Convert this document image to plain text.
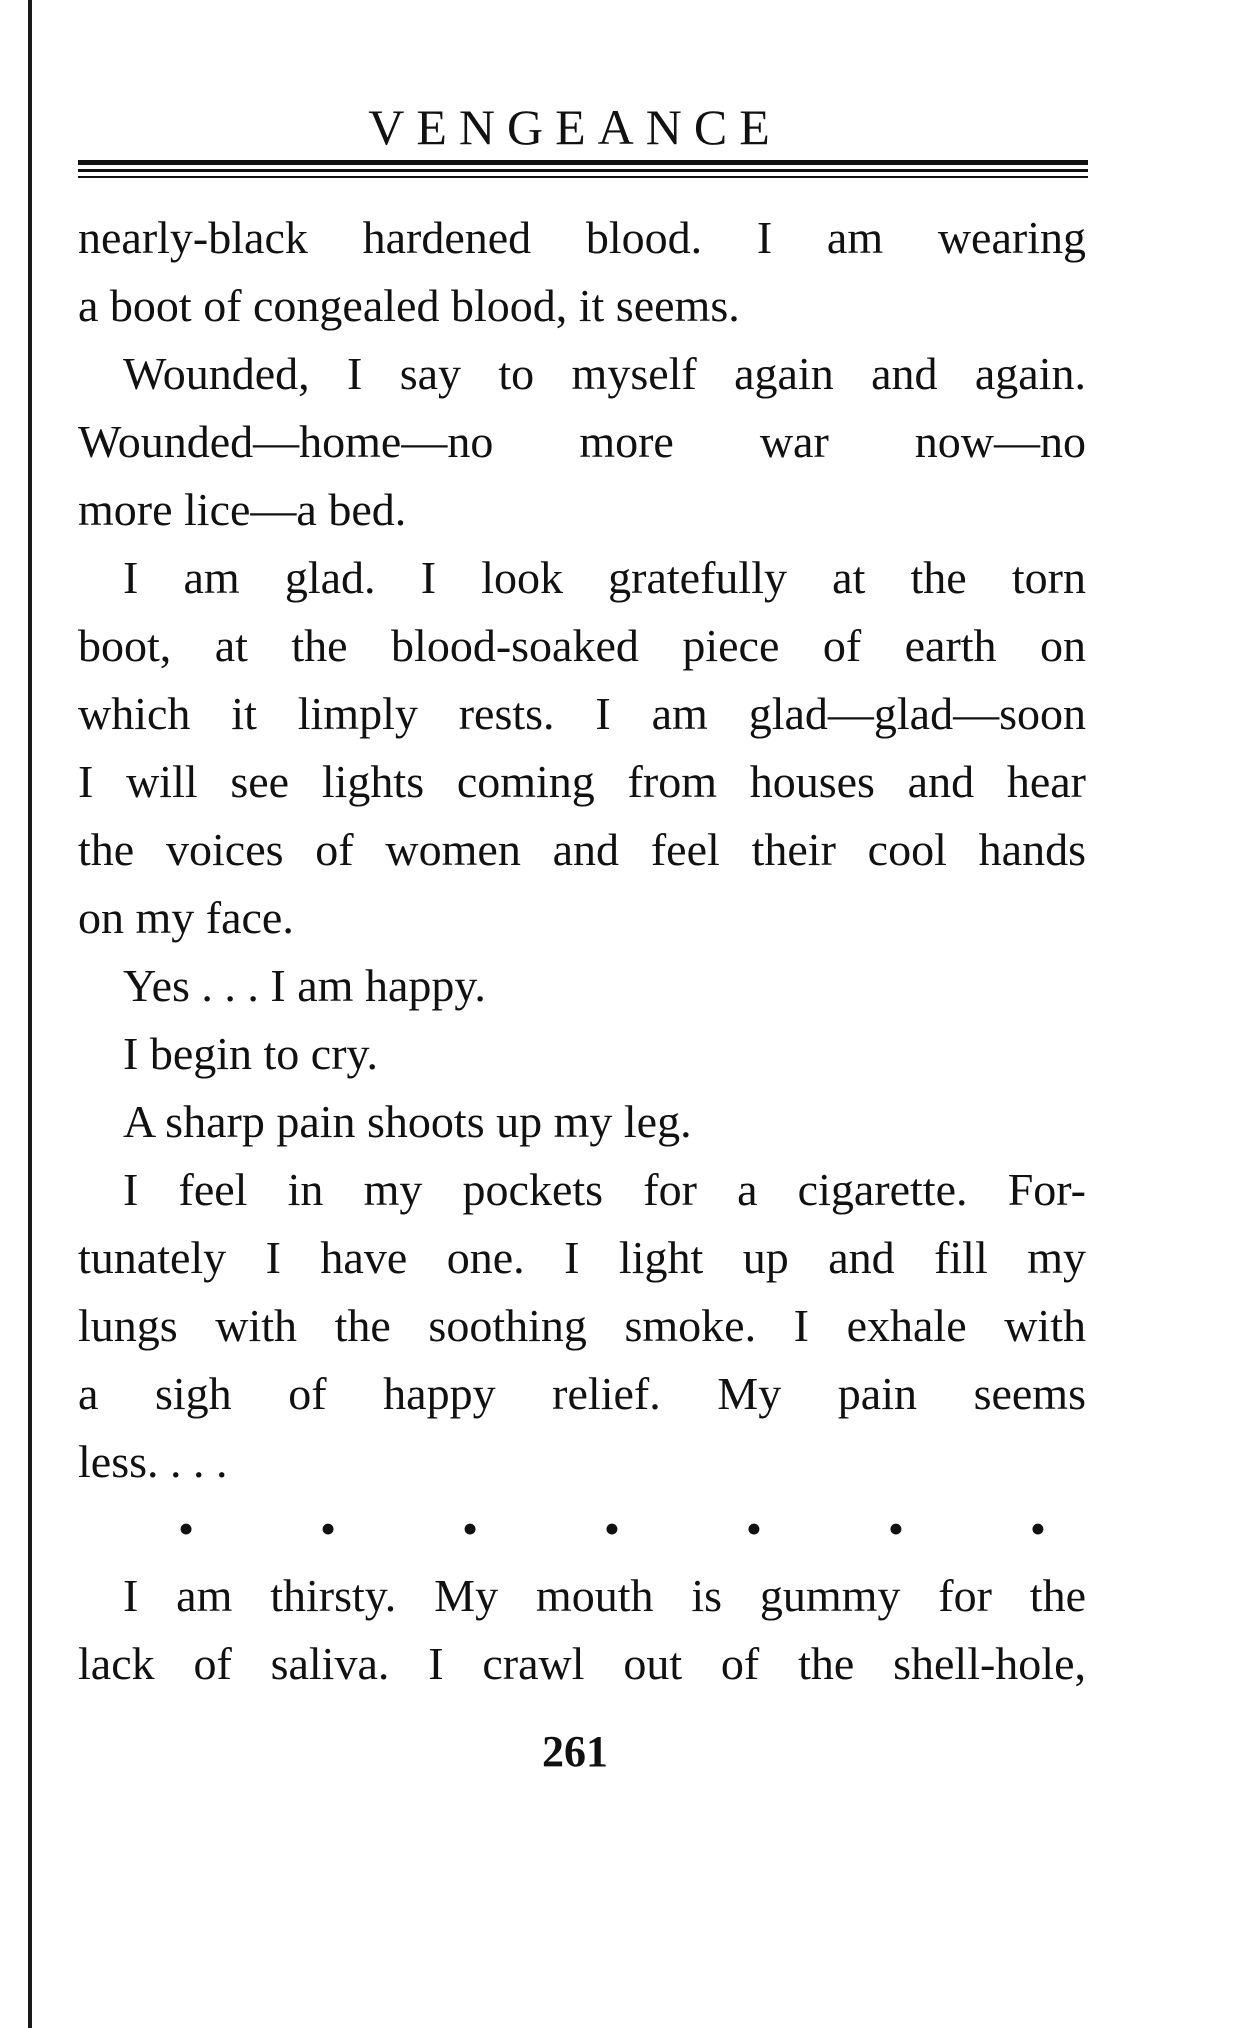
VENGEANCE
nearly-black hardened blood. I am wearing
a boot of congealed blood, it seems.
Wounded, I say to myself again and again.
Wounded—home—no more war now—no
more lice—a bed.
I am glad. I look gratefully at the torn
boot, at the blood-soaked piece of earth on
which it limply rests. I am glad—glad—soon
I will see lights coming from houses and hear
the voices of women and feel their cool hands
on my face.
Yes . . . I am happy.
I begin to cry.
A sharp pain shoots up my leg.
I feel in my pockets for a cigarette. For-
tunately I have one. I light up and fill my
lungs with the soothing smoke. I exhale with
a sigh of happy relief. My pain seems
less. . . .
•	•	•	•	•	•	•
I am thirsty. My mouth is gummy for the
lack of saliva. I crawl out of the shell-hole,
261
